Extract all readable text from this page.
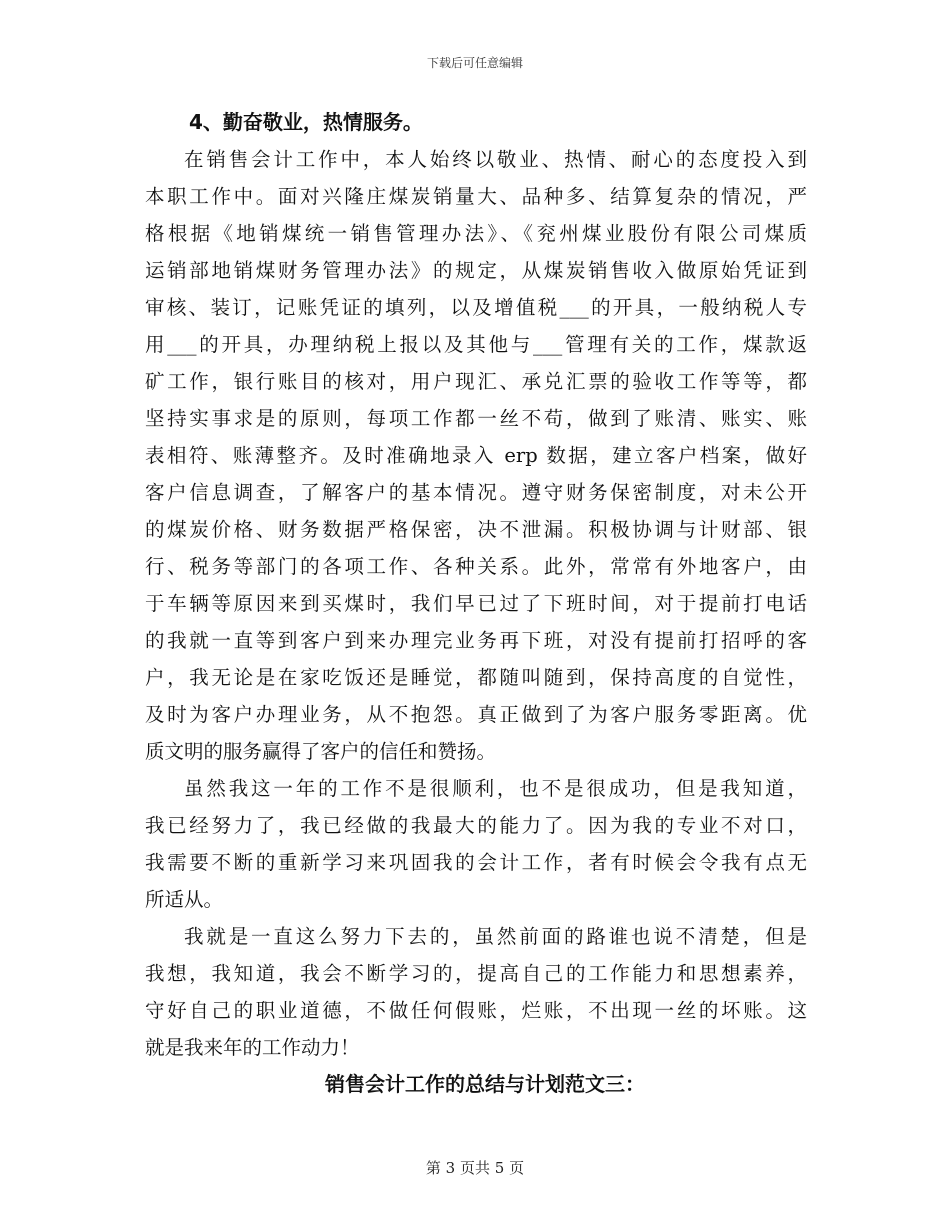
下载后可任意编辑
4、勤奋敬业，热情服务。
在销售会计工作中，本人始终以敬业、热情、耐心的态度投入到
本职工作中。面对兴隆庄煤炭销量大、品种多、结算复杂的情况，严
格根据《地销煤统一销售管理办法》、《兖州煤业股份有限公司煤质
运销部地销煤财务管理办法》的规定，从煤炭销售收入做原始凭证到
审核、装订，记账凭证的填列，以及增值税___的开具，一般纳税人专
用___的开具，办理纳税上报以及其他与___管理有关的工作，煤款返
矿工作，银行账目的核对，用户现汇、承兑汇票的验收工作等等，都
坚持实事求是的原则，每项工作都一丝不苟，做到了账清、账实、账
表相符、账薄整齐。及时准确地录入 erp 数据，建立客户档案，做好
客户信息调查，了解客户的基本情况。遵守财务保密制度，对未公开
的煤炭价格、财务数据严格保密，决不泄漏。积极协调与计财部、银
行、税务等部门的各项工作、各种关系。此外，常常有外地客户，由
于车辆等原因来到买煤时，我们早已过了下班时间，对于提前打电话
的我就一直等到客户到来办理完业务再下班，对没有提前打招呼的客
户，我无论是在家吃饭还是睡觉，都随叫随到，保持高度的自觉性，
及时为客户办理业务，从不抱怨。真正做到了为客户服务零距离。优
质文明的服务赢得了客户的信任和赞扬。
虽然我这一年的工作不是很顺利，也不是很成功，但是我知道，
我已经努力了，我已经做的我最大的能力了。因为我的专业不对口，
我需要不断的重新学习来巩固我的会计工作，者有时候会令我有点无
所适从。
我就是一直这么努力下去的，虽然前面的路谁也说不清楚，但是
我想，我知道，我会不断学习的，提高自己的工作能力和思想素养，
守好自己的职业道德，不做任何假账，烂账，不出现一丝的坏账。这
就是我来年的工作动力！
销售会计工作的总结与计划范文三：
第 3 页共 5 页
